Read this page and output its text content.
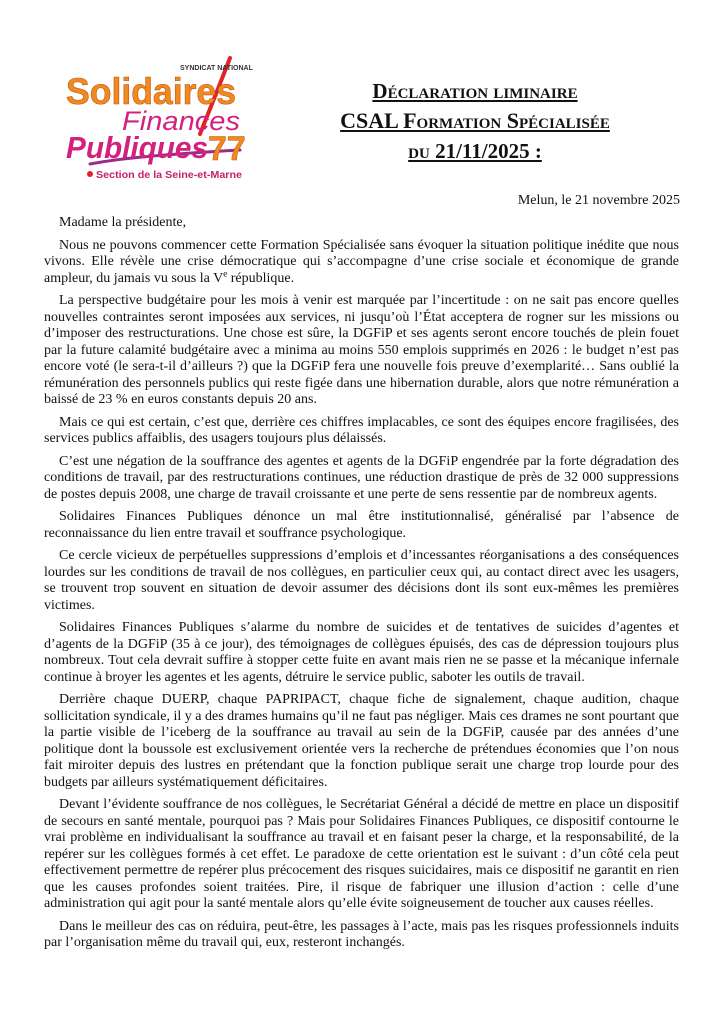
SYNDICAT NATIONAL
Solidaires
Finances
Publiques 77
Section de la Seine-et-Marne
Déclaration liminaire
CSAL Formation Spécialisée
du 21/11/2025 :
Melun, le 21 novembre 2025

Madame la présidente,

Nous ne pouvons commencer cette Formation Spécialisée sans évoquer la situation politique inédite que nous vivons. Elle révèle une crise démocratique qui s’accompagne d’une crise sociale et économique de grande ampleur, du jamais vu sous la Ve république.

La perspective budgétaire pour les mois à venir est marquée par l’incertitude : on ne sait pas encore quelles nouvelles contraintes seront imposées aux services, ni jusqu’où l’État acceptera de rogner sur les missions ou d’imposer des restructurations. Une chose est sûre, la DGFiP et ses agents seront encore touchés de plein fouet par la future calamité budgétaire avec a minima au moins 550 emplois supprimés en 2026 : le budget n’est pas encore voté (le sera-t-il d’ailleurs ?) que la DGFiP fera une nouvelle fois preuve d’exemplarité… Sans oublié la rémunération des personnels publics qui reste figée dans une hibernation durable, alors que notre rémunération a baissé de 23 % en euros constants depuis 20 ans.

Mais ce qui est certain, c’est que, derrière ces chiffres implacables, ce sont des équipes encore fragilisées, des services publics affaiblis, des usagers toujours plus délaissés.

C’est une négation de la souffrance des agentes et agents de la DGFiP engendrée par la forte dégradation des conditions de travail, par des restructurations continues, une réduction drastique de près de 32 000 suppressions de postes depuis 2008, une charge de travail croissante et une perte de sens ressentie par de nombreux agents.

Solidaires Finances Publiques dénonce un mal être institutionnalisé, généralisé par l’absence de reconnaissance du lien entre travail et souffrance psychologique.

Ce cercle vicieux de perpétuelles suppressions d’emplois et d’incessantes réorganisations a des conséquences lourdes sur les conditions de travail de nos collègues, en particulier ceux qui, au contact direct avec les usagers, se trouvent trop souvent en situation de devoir assumer des décisions dont ils sont eux-mêmes les premières victimes.

Solidaires Finances Publiques s’alarme du nombre de suicides et de tentatives de suicides d’agentes et d’agents de la DGFiP (35 à ce jour), des témoignages de collègues épuisés, des cas de dépression toujours plus nombreux. Tout cela devrait suffire à stopper cette fuite en avant mais rien ne se passe et la mécanique infernale continue à broyer les agentes et les agents, détruire le service public, saboter les outils de travail.

Derrière chaque DUERP, chaque PAPRIPACT, chaque fiche de signalement, chaque audition, chaque sollicitation syndicale, il y a des drames humains qu’il ne faut pas négliger. Mais ces drames ne sont pourtant que la partie visible de l’iceberg de la souffrance au travail au sein de la DGFiP, causée par des années d’une politique dont la boussole est exclusivement orientée vers la recherche de prétendues économies que l’on nous fait miroiter depuis des lustres en prétendant que la fonction publique serait une charge trop lourde pour des budgets par ailleurs systématiquement déficitaires.

Devant l’évidente souffrance de nos collègues, le Secrétariat Général a décidé de mettre en place un dispositif de secours en santé mentale, pourquoi pas ? Mais pour Solidaires Finances Publiques, ce dispositif contourne le vrai problème en individualisant la souffrance au travail et en faisant peser la charge, et la responsabilité, de la repérer sur les collègues formés à cet effet. Le paradoxe de cette orientation est le suivant : d’un côté cela peut effectivement permettre de repérer plus précocement des risques suicidaires, mais ce dispositif ne garantit en rien que les causes profondes soient traitées. Pire, il risque de fabriquer une illusion d’action : celle d’une administration qui agit pour la santé mentale alors qu’elle évite soigneusement de toucher aux causes réelles.

Dans le meilleur des cas on réduira, peut-être, les passages à l’acte, mais pas les risques professionnels induits par l’organisation même du travail qui, eux, resteront inchangés.
